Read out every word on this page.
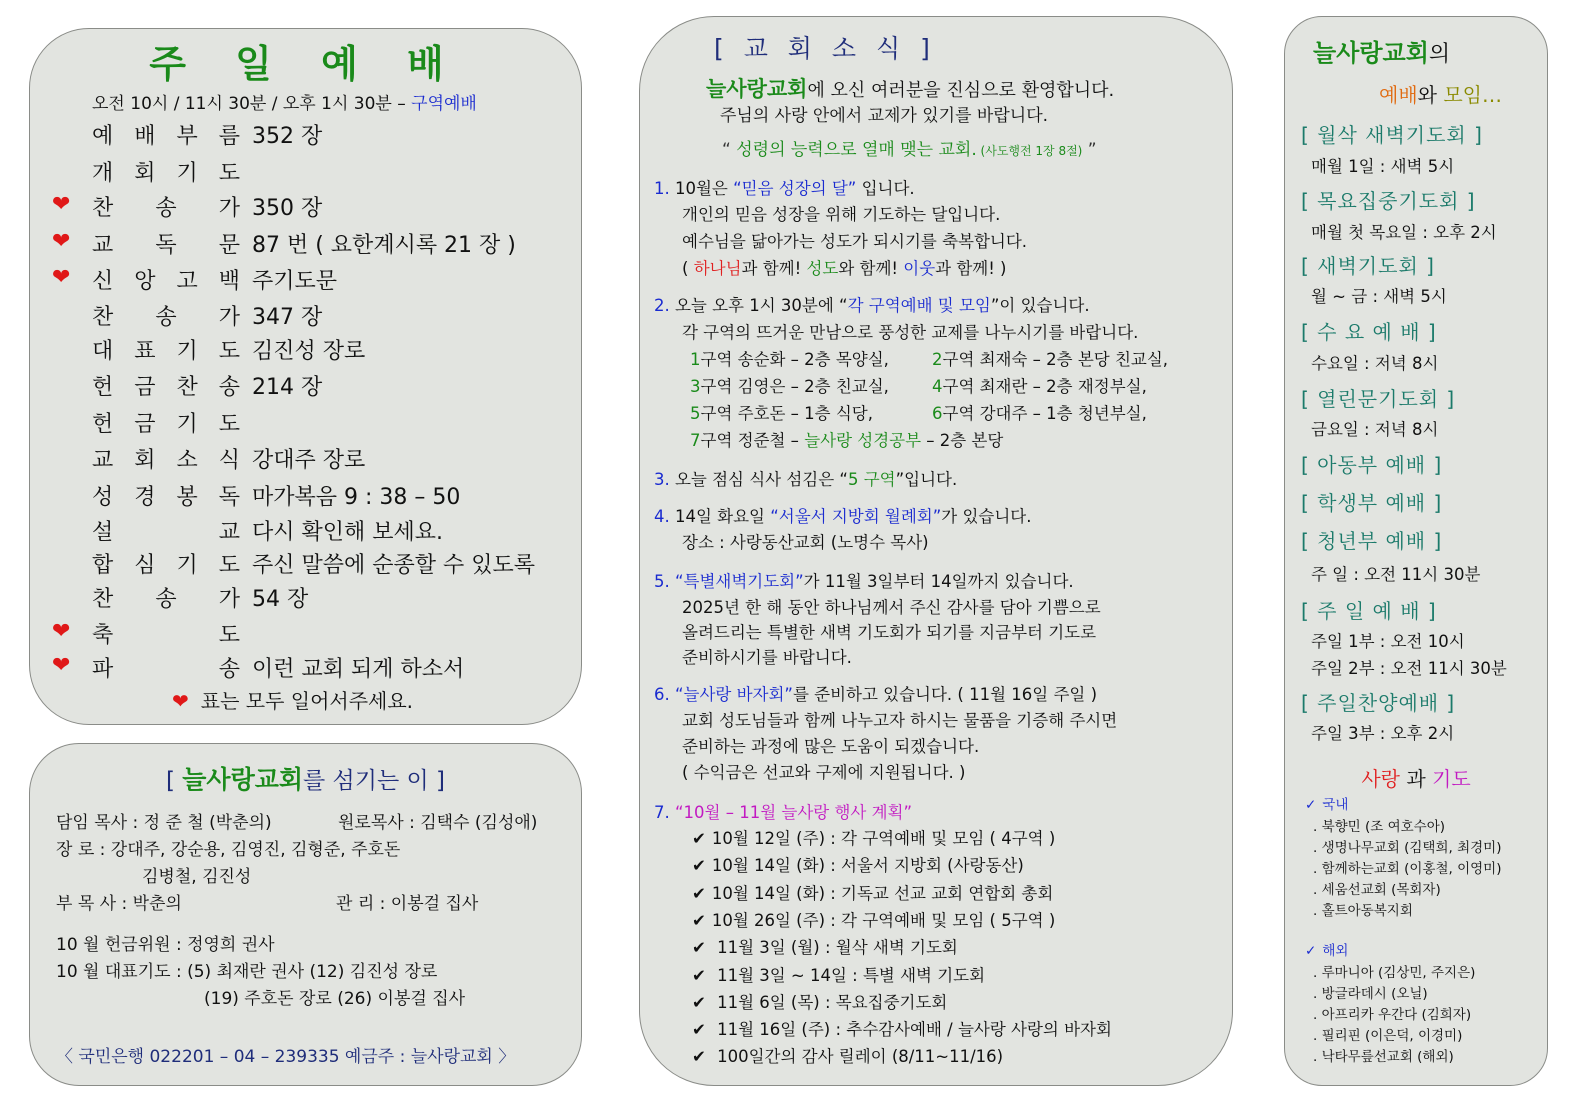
주 일 예 배
오전 10시 / 11시 30분 / 오후 1시 30분 – 구역예배
예 배 부 름 352 장
개 회 기 도
❤ 찬 송 가 350 장
❤ 교 독 문 87 번 ( 요한계시록 21 장 )
❤ 신 앙 고 백 주기도문
찬 송 가 347 장
대 표 기 도 김진성 장로
헌 금 찬 송 214 장
헌 금 기 도
교 회 소 식 강대주 장로
성 경 봉 독 마가복음 9 : 38 – 50
설	교 다시 확인해 보세요.
합 심 기 도 주신 말씀에 순종할 수 있도록
찬 송 가 54 장
❤ 축	도
❤ 파	송 이런 교회 되게 하소서
❤ 표는 모두 일어서주세요.
[ 늘사랑교회를 섬기는 이 ]
담임 목사 : 정 준 철 (박춘의)	원로목사 : 김택수 (김성애)
장 로 : 강대주, 강순용, 김영진, 김형준, 주호돈
김병철, 김진성
부 목 사 : 박춘의	관 리 : 이봉걸 집사
10 월 헌금위원 : 정영희 권사
10 월 대표기도 : (5) 최재란 권사 (12) 김진성 장로
(19) 주호돈 장로 (26) 이봉걸 집사
〈 국민은행 022201 – 04 – 239335 예금주 : 늘사랑교회 〉
[ 교 회 소 식 ]
늘사랑교회에 오신 여러분을 진심으로 환영합니다.
주님의 사랑 안에서 교제가 있기를 바랍니다.
“ 성령의 능력으로 열매 맺는 교회. (사도행전 1장 8절) ”
1. 10월은 “믿음 성장의 달” 입니다.
개인의 믿음 성장을 위해 기도하는 달입니다.
예수님을 닮아가는 성도가 되시기를 축복합니다.
( 하나님과 함께! 성도와 함께! 이웃과 함께! )
2. 오늘 오후 1시 30분에 “각 구역예배 및 모임”이 있습니다.
각 구역의 뜨거운 만남으로 풍성한 교제를 나누시기를 바랍니다.
1구역 송순화 – 2층 목양실,	2구역 최재숙 – 2층 본당 친교실,
3구역 김영은 – 2층 친교실,	4구역 최재란 – 2층 재정부실,
5구역 주호돈 – 1층 식당,	6구역 강대주 – 1층 청년부실,
7구역 정준철 – 늘사랑 성경공부 – 2층 본당
3. 오늘 점심 식사 섬김은 “5 구역”입니다.
4. 14일 화요일 “서울서 지방회 월례회”가 있습니다.
장소 : 사랑동산교회 (노명수 목사)
5. “특별새벽기도회”가 11월 3일부터 14일까지 있습니다.
2025년 한 해 동안 하나님께서 주신 감사를 담아 기쁨으로
올려드리는 특별한 새벽 기도회가 되기를 지금부터 기도로
준비하시기를 바랍니다.
6. “늘사랑 바자회”를 준비하고 있습니다. ( 11월 16일 주일 )
교회 성도님들과 함께 나누고자 하시는 물품을 기증해 주시면
준비하는 과정에 많은 도움이 되겠습니다.
( 수익금은 선교와 구제에 지원됩니다. )
7. “10월 – 11월 늘사랑 행사 계획”
✔ 10월 12일 (주) : 각 구역예배 및 모임 ( 4구역 )
✔ 10월 14일 (화) : 서울서 지방회 (사랑동산)
✔ 10월 14일 (화) : 기독교 선교 교회 연합회 총회
✔ 10월 26일 (주) : 각 구역예배 및 모임 ( 5구역 )
✔ 11월 3일 (월) : 월삭 새벽 기도회
✔ 11월 3일 ~ 14일 : 특별 새벽 기도회
✔ 11월 6일 (목) : 목요집중기도회
✔ 11월 16일 (주) : 추수감사예배 / 늘사랑 사랑의 바자회
✔ 100일간의 감사 릴레이 (8/11~11/16)
늘사랑교회의
예배와 모임…
[ 월삭 새벽기도회 ]
매월 1일 : 새벽 5시
[ 목요집중기도회 ]
매월 첫 목요일 : 오후 2시
[ 새벽기도회 ]
월 ~ 금 : 새벽 5시
[ 수 요 예 배 ]
수요일 : 저녁 8시
[ 열린문기도회 ]
금요일 : 저녁 8시
[ 아동부 예배 ]
[ 학생부 예배 ]
[ 청년부 예배 ]
주 일 : 오전 11시 30분
[ 주 일 예 배 ]
주일 1부 : 오전 10시
주일 2부 : 오전 11시 30분
[ 주일찬양예배 ]
주일 3부 : 오후 2시
사랑 과 기도
✓ 국내
. 북향민 (조 여호수아)
. 생명나무교회 (김택희, 최경미)
. 함께하는교회 (이홍철, 이영미)
. 세움선교회 (목회자)
. 홀트아동복지회
✓ 해외
. 루마니아 (김상민, 주지은)
. 방글라데시 (오닐)
. 아프리카 우간다 (김희자)
. 필리핀 (이은덕, 이경미)
. 낙타무릎선교회 (해외)
